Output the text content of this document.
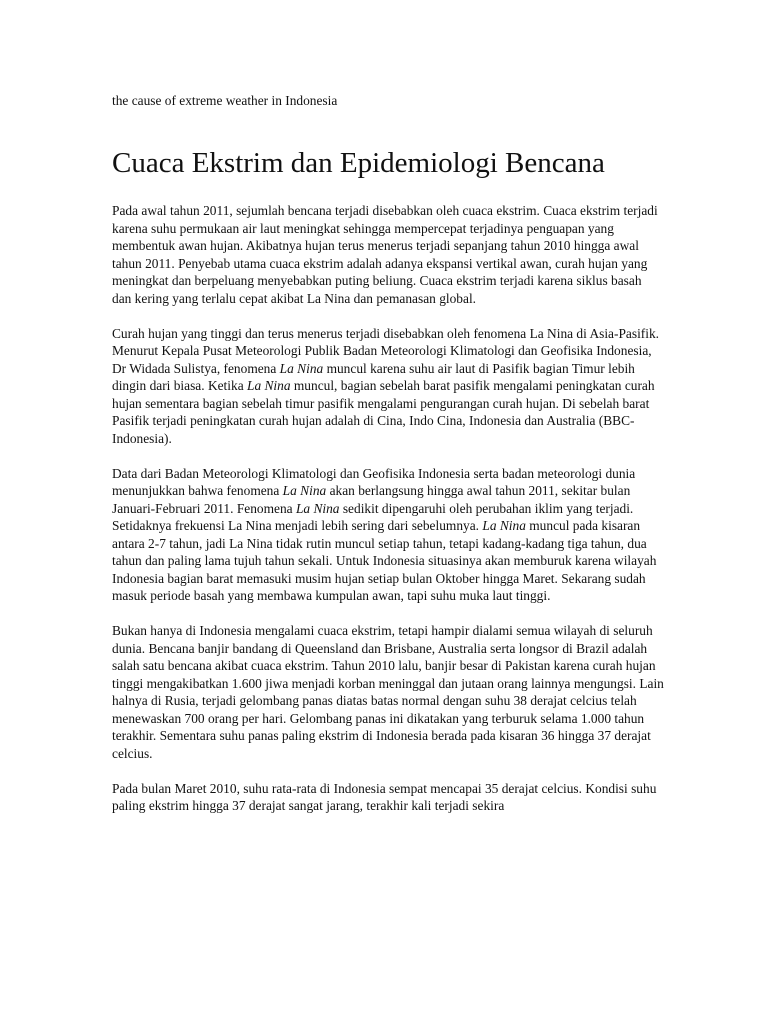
the cause of extreme weather in Indonesia

Cuaca Ekstrim dan Epidemiologi Bencana

Pada awal tahun 2011, sejumlah bencana terjadi disebabkan oleh cuaca ekstrim. Cuaca ekstrim terjadi karena suhu permukaan air laut meningkat sehingga mempercepat terjadinya penguapan yang membentuk awan hujan. Akibatnya hujan terus menerus terjadi sepanjang tahun 2010 hingga awal tahun 2011. Penyebab utama cuaca ekstrim adalah adanya ekspansi vertikal awan, curah hujan yang meningkat dan berpeluang menyebabkan puting beliung. Cuaca ekstrim terjadi karena siklus basah dan kering yang terlalu cepat akibat La Nina dan pemanasan global.

Curah hujan yang tinggi dan terus menerus terjadi disebabkan oleh fenomena La Nina di Asia-Pasifik. Menurut Kepala Pusat Meteorologi Publik Badan Meteorologi Klimatologi dan Geofisika Indonesia, Dr Widada Sulistya, fenomena La Nina muncul karena suhu air laut di Pasifik bagian Timur lebih dingin dari biasa. Ketika La Nina muncul, bagian sebelah barat pasifik mengalami peningkatan curah hujan sementara bagian sebelah timur pasifik mengalami pengurangan curah hujan. Di sebelah barat Pasifik terjadi peningkatan curah hujan adalah di Cina, Indo Cina, Indonesia dan Australia (BBC-Indonesia).

Data dari Badan Meteorologi Klimatologi dan Geofisika Indonesia serta badan meteorologi dunia menunjukkan bahwa fenomena La Nina akan berlangsung hingga awal tahun 2011, sekitar bulan Januari-Februari 2011. Fenomena La Nina sedikit dipengaruhi oleh perubahan iklim yang terjadi. Setidaknya frekuensi La Nina menjadi lebih sering dari sebelumnya. La Nina muncul pada kisaran antara 2-7 tahun, jadi La Nina tidak rutin muncul setiap tahun, tetapi kadang-kadang tiga tahun, dua tahun dan paling lama tujuh tahun sekali. Untuk Indonesia situasinya akan memburuk karena wilayah Indonesia bagian barat memasuki musim hujan setiap bulan Oktober hingga Maret. Sekarang sudah masuk periode basah yang membawa kumpulan awan, tapi suhu muka laut tinggi.

Bukan hanya di Indonesia mengalami cuaca ekstrim, tetapi hampir dialami semua wilayah di seluruh dunia. Bencana banjir bandang di Queensland dan Brisbane, Australia serta longsor di Brazil adalah salah satu bencana akibat cuaca ekstrim. Tahun 2010 lalu, banjir besar di Pakistan karena curah hujan tinggi mengakibatkan 1.600 jiwa menjadi korban meninggal dan jutaan orang lainnya mengungsi. Lain halnya di Rusia, terjadi gelombang panas diatas batas normal dengan suhu 38 derajat celcius telah menewaskan 700 orang per hari. Gelombang panas ini dikatakan yang terburuk selama 1.000 tahun terakhir. Sementara suhu panas paling ekstrim di Indonesia berada pada kisaran 36 hingga 37 derajat celcius.

Pada bulan Maret 2010, suhu rata-rata di Indonesia sempat mencapai 35 derajat celcius. Kondisi suhu paling ekstrim hingga 37 derajat sangat jarang, terakhir kali terjadi sekira
